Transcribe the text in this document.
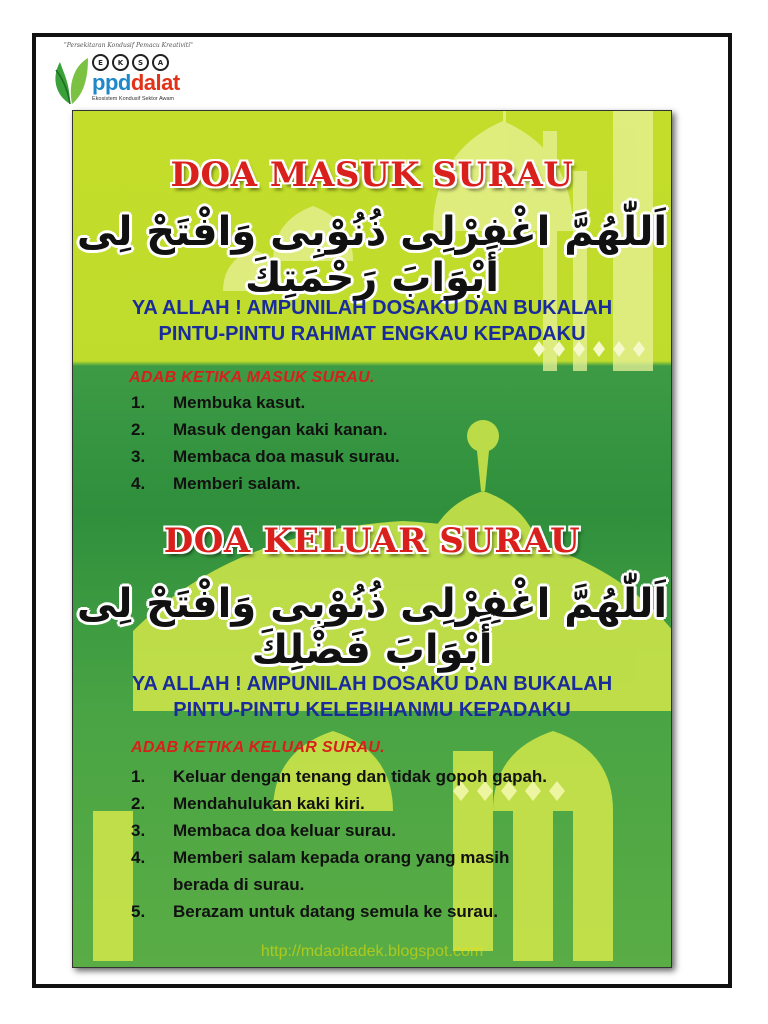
"Persekitaran Kondusif Pemacu Kreativiti"
E	K	S	A
ppddalat
Ekosistem Kondusif Sektor Awam
DOA MASUK SURAU
اَللّٰهُمَّ اغْفِرْلِى ذُنُوْبِى وَافْتَحْ لِى أَبْوَابَ رَحْمَتِكَ
YA ALLAH ! AMPUNILAH DOSAKU DAN BUKALAH
PINTU-PINTU RAHMAT ENGKAU KEPADAKU
ADAB KETIKA MASUK SURAU.
1.	Membuka kasut.
2.	Masuk dengan kaki kanan.
3.	Membaca doa masuk surau.
4.	Memberi salam.
DOA KELUAR SURAU
اَللّٰهُمَّ اغْفِرْلِى ذُنُوْبِى وَافْتَحْ لِى أَبْوَابَ فَضْلِكَ
YA ALLAH ! AMPUNILAH DOSAKU DAN BUKALAH
PINTU-PINTU KELEBIHANMU KEPADAKU
ADAB KETIKA KELUAR SURAU.
1.	Keluar dengan tenang dan tidak gopoh gapah.
2.	Mendahulukan kaki kiri.
3.	Membaca doa keluar surau.
4.	Memberi salam kepada orang yang masih
berada di surau.
5.	Berazam untuk datang semula ke surau.
http://mdaoitadek.blogspot.com
